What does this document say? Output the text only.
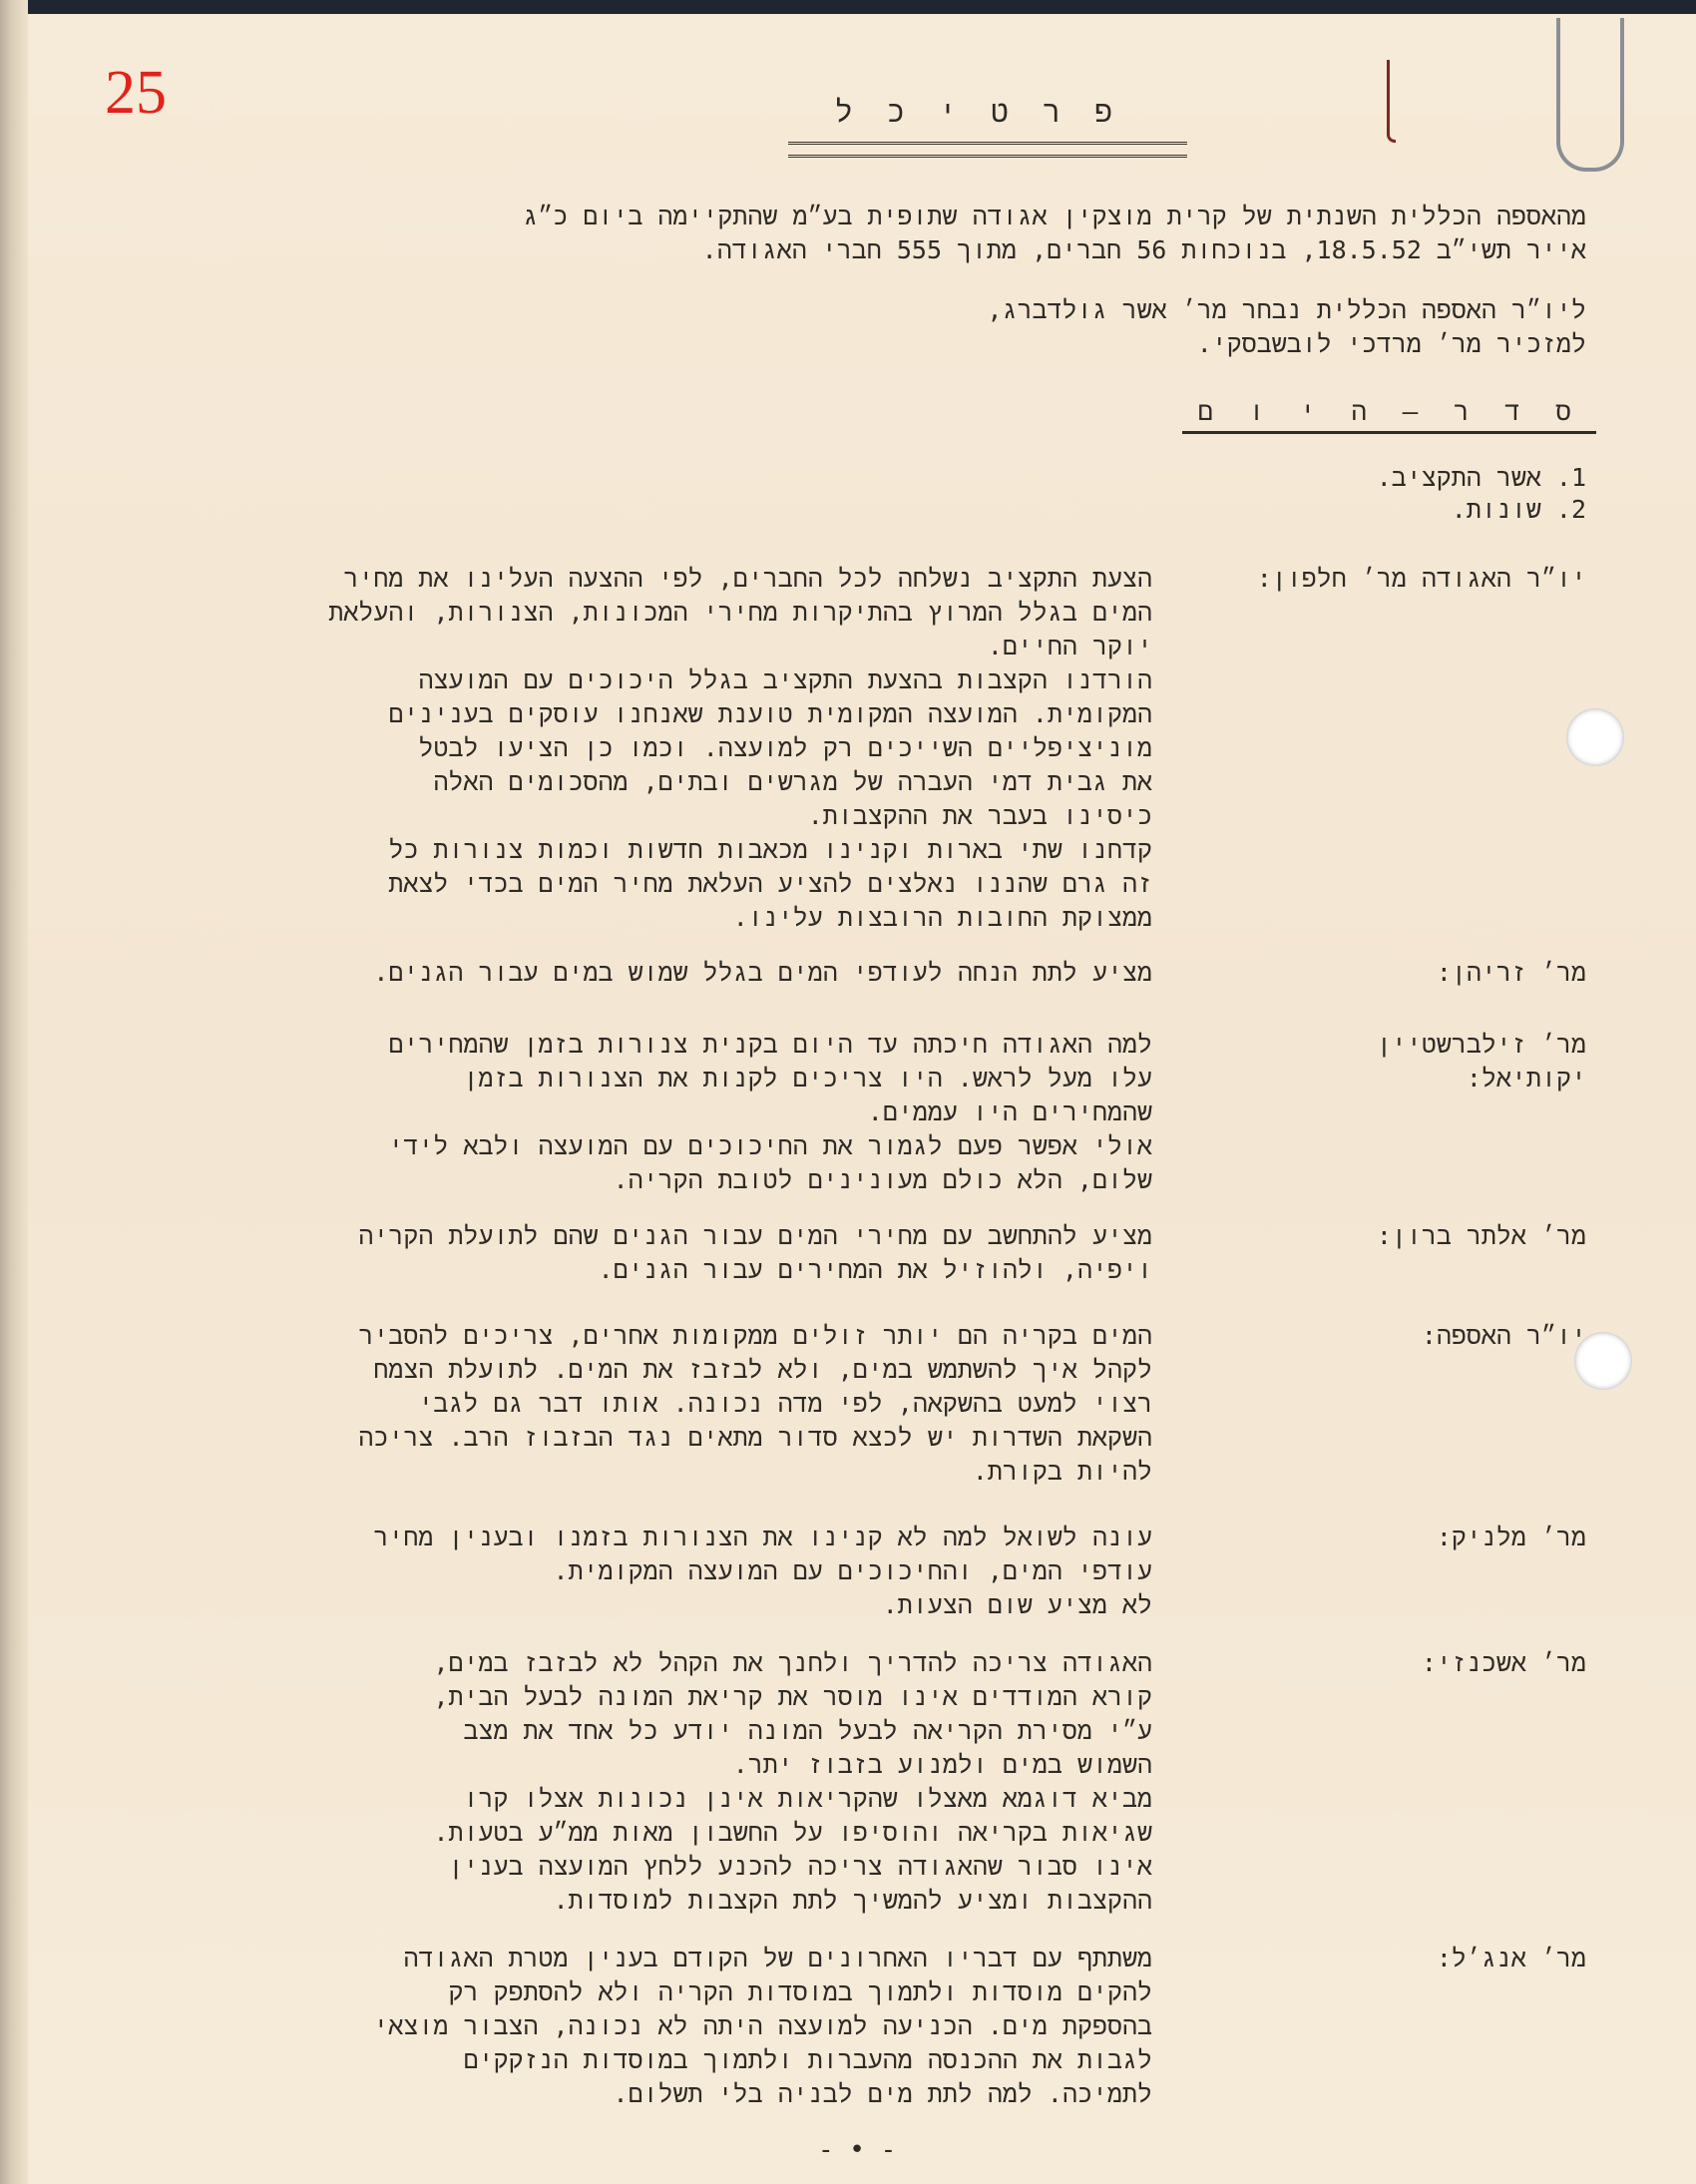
25	פ ר ט י כ ל
מהאספה הכללית השנתית של קרית מוצקין אגודה שתופית בע״מ שהתקיימה ביום כ״ג
אייר תשי״ב 18.5.52, בנוכחות 56 חברים, מתוך 555 חברי האגודה.
ליו״ר האספה הכללית נבחר מר׳ אשר גולדברג,
למזכיר מר׳ מרדכי לובשבסקי.
ס ד ר – ה י ו ם
1. אשר התקציב.
2. שונות.
יו״ר האגודה מר׳ חלפון:
הצעת התקציב נשלחה לכל החברים, לפי ההצעה העלינו את מחיר
המים בגלל המרוץ בהתיקרות מחירי המכונות, הצנורות, והעלאת
יוקר החיים.
הורדנו הקצבות בהצעת התקציב בגלל היכוכים עם המועצה
המקומית. המועצה המקומית טוענת שאנחנו עוסקים בענינים
מוניציפליים השייכים רק למועצה. וכמו כן הציעו לבטל
את גבית דמי העברה של מגרשים ובתים, מהסכומים האלה
כיסינו בעבר את ההקצבות.
קדחנו שתי בארות וקנינו מכאבות חדשות וכמות צנורות כל
זה גרם שהננו נאלצים להציע העלאת מחיר המים בכדי לצאת
ממצוקת החובות הרובצות עלינו.
מר׳ זריהן:
מציע לתת הנחה לעודפי המים בגלל שמוש במים עבור הגנים.
מר׳ זילברשטיין
יקותיאל:
למה האגודה חיכתה עד היום בקנית צנורות בזמן שהמחירים
עלו מעל לראש. היו צריכים לקנות את הצנורות בזמן
שהמחירים היו עממים.
אולי אפשר פעם לגמור את החיכוכים עם המועצה ולבא לידי
שלום, הלא כולם מעונינים לטובת הקריה.
מר׳ אלתר ברון:
מציע להתחשב עם מחירי המים עבור הגנים שהם לתועלת הקריה
ויפיה, ולהוזיל את המחירים עבור הגנים.
יו״ר האספה:
המים בקריה הם יותר זולים ממקומות אחרים, צריכים להסביר
לקהל איך להשתמש במים, ולא לבזבז את המים. לתועלת הצמח
רצוי למעט בהשקאה, לפי מדה נכונה. אותו דבר גם לגבי
השקאת השדרות יש לכצא סדור מתאים נגד הבזבוז הרב. צריכה
להיות בקורת.
מר׳ מלניק:
עונה לשואל למה לא קנינו את הצנורות בזמנו ובענין מחיר
עודפי המים, והחיכוכים עם המועצה המקומית.
לא מציע שום הצעות.
מר׳ אשכנזי:
האגודה צריכה להדריך ולחנך את הקהל לא לבזבז במים,
קורא המודדים אינו מוסר את קריאת המונה לבעל הבית,
ע״י מסירת הקריאה לבעל המונה יודע כל אחד את מצב
השמוש במים ולמנוע בזבוז יתר.
מביא דוגמא מאצלו שהקריאות אינן נכונות אצלו קרו
שגיאות בקריאה והוסיפו על החשבון מאות ממ״ע בטעות.
אינו סבור שהאגודה צריכה להכנע ללחץ המועצה בענין
ההקצבות ומציע להמשיך לתת הקצבות למוסדות.
מר׳ אנג׳ל:
משתתף עם דבריו האחרונים של הקודם בענין מטרת האגודה
להקים מוסדות ולתמוך במוסדות הקריה ולא להסתפק רק
בהספקת מים. הכניעה למועצה היתה לא נכונה, הצבור מוצאי
לגבות את ההכנסה מהעברות ולתמוך במוסדות הנזקקים
לתמיכה. למה לתת מים לבניה בלי תשלום.
- • -
